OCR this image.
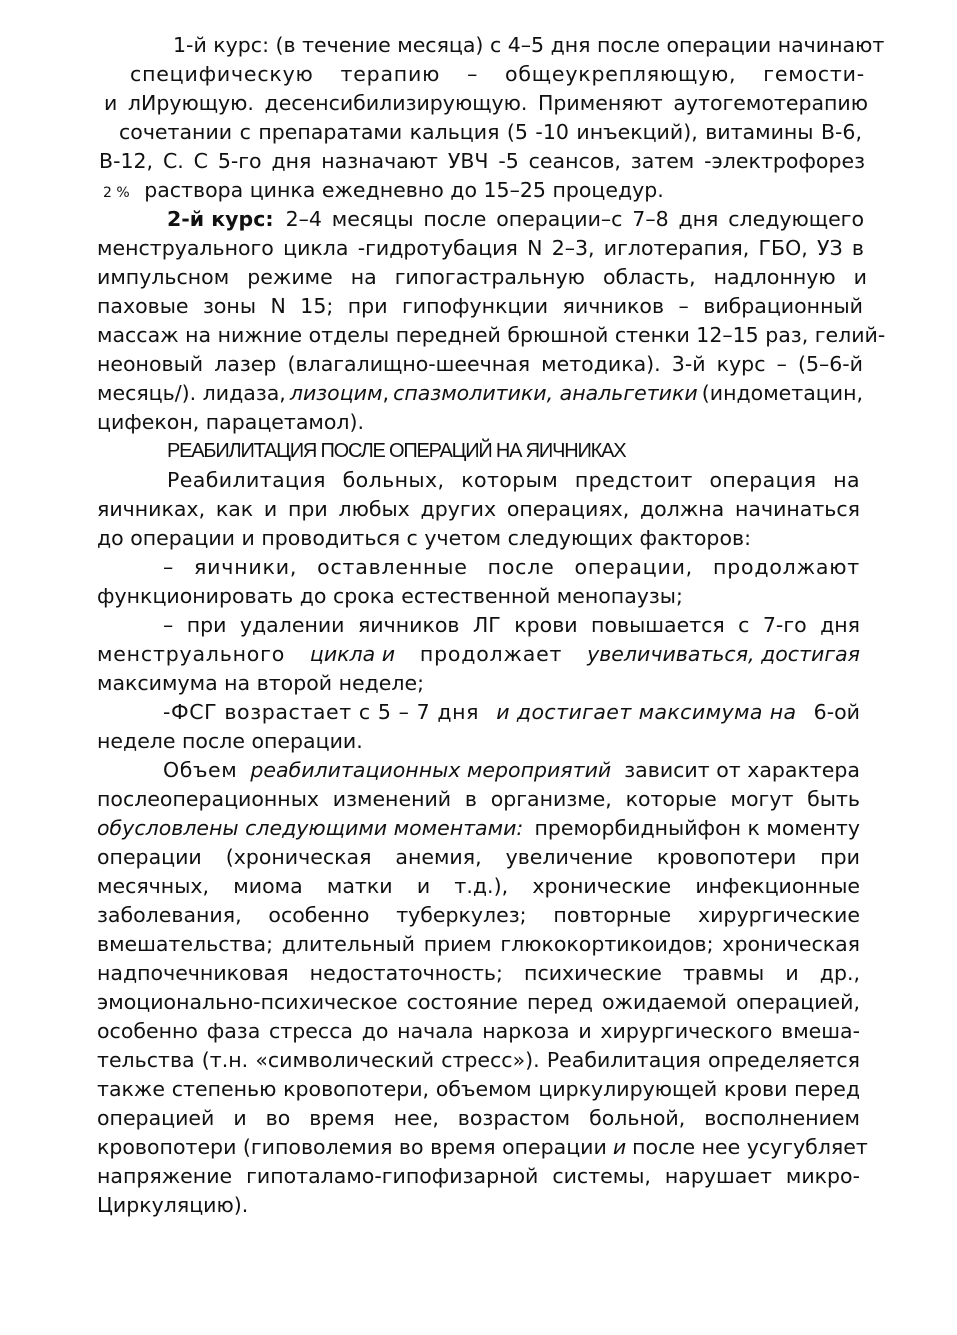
1-й курс: (в течение месяца) с 4–5 дня после операции начинают
специфическую терапию – общеукрепляющую, гемости-
и лИрующую. десенсибилизирующую. Применяют аутогемотерапию
сочетании с препаратами кальция (5 -10 инъекций), витамины В-6,
В-12, С. С 5-го дня назначают УВЧ -5 сеансов, затем -электрофорез
2 % раствора цинка ежедневно до 15–25 процедур.
2-й курс: 2–4 месяцы после операции–с 7–8 дня следующего
менструального цикла -гидротубация N 2–3, иглотерапия, ГБО, УЗ в
импульсном режиме на гипогастральную область, надлонную и
паховые зоны N 15; при гипофункции яичников – вибрационный
массаж на нижние отделы передней брюшной стенки 12–15 раз, гелий-
неоновый лазер (влагалищно-шеечная методика). 3-й курс – (5–6-й
месяць/). лидаза, лизоцим, спазмолитики, анальгетики (индометацин,
цифекон, парацетамол).
РЕАБИЛИТАЦИЯ ПОСЛЕ ОПЕРАЦИЙ НА ЯИЧНИКАХ
Реабилитация больных, которым предстоит операция на
яичниках, как и при любых других операциях, должна начинаться
до операции и проводиться с учетом следующих факторов:
– яичники, оставленные после операции, продолжают
функционировать до срока естественной менопаузы;
– при удалении яичников ЛГ крови повышается с 7-го дня
менструального цикла и продолжает увеличиваться, достигая
максимума на второй неделе;
-ФСГ возрастает с 5 – 7 дня и достигает максимума на 6-ой
неделе после операции.
Объем реабилитационных мероприятий зависит от характера
послеоперационных изменений в организме, которые могут быть
обусловлены следующими моментами: преморбидныйфон к моменту
операции (хроническая анемия, увеличение кровопотери при
месячных, миома матки и т.д.), хронические инфекционные
заболевания, особенно туберкулез; повторные хирургические
вмешательства; длительный прием глюкокортикоидов; хроническая
надпочечниковая недостаточность; психические травмы и др.,
эмоционально-психическое состояние перед ожидаемой операцией,
особенно фаза стресса до начала наркоза и хирургического вмеша-
тельства (т.н. «символический стресс»). Реабилитация определяется
также степенью кровопотери, объемом циркулирующей крови перед
операцией и во время нее, возрастом больной, восполнением
кровопотери (гиповолемия во время операции и после нее усугубляет
напряжение гипоталамо-гипофизарной системы, нарушает микро-
Циркуляцию).
